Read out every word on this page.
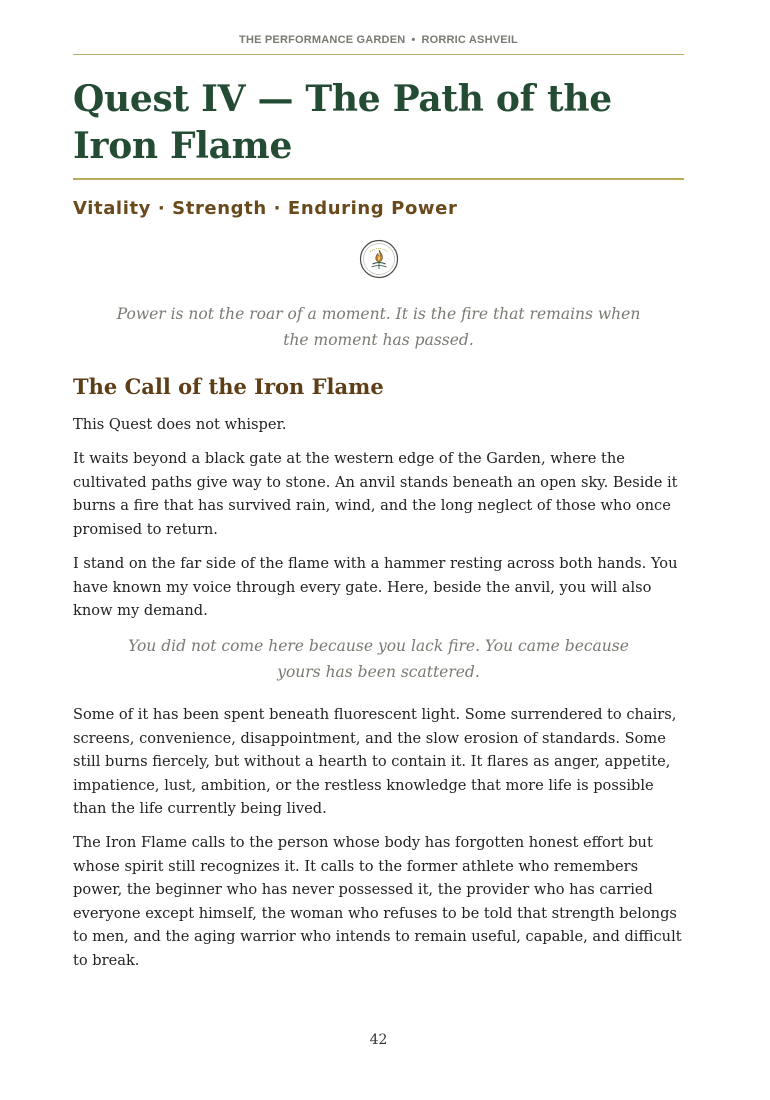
THE PERFORMANCE GARDEN • RORRIC ASHVEIL
Quest IV — The Path of the Iron Flame
Vitality · Strength · Enduring Power

Power is not the roar of a moment. It is the fire that remains when the moment has passed.

The Call of the Iron Flame

This Quest does not whisper.

It waits beyond a black gate at the western edge of the Garden, where the cultivated paths give way to stone. An anvil stands beneath an open sky. Beside it burns a fire that has survived rain, wind, and the long neglect of those who once promised to return.

I stand on the far side of the flame with a hammer resting across both hands. You have known my voice through every gate. Here, beside the anvil, you will also know my demand.

You did not come here because you lack fire. You came because yours has been scattered.

Some of it has been spent beneath fluorescent light. Some surrendered to chairs, screens, convenience, disappointment, and the slow erosion of standards. Some still burns fiercely, but without a hearth to contain it. It flares as anger, appetite, impatience, lust, ambition, or the restless knowledge that more life is possible than the life currently being lived.

The Iron Flame calls to the person whose body has forgotten honest effort but whose spirit still recognizes it. It calls to the former athlete who remembers power, the beginner who has never possessed it, the provider who has carried everyone except himself, the woman who refuses to be told that strength belongs to men, and the aging warrior who intends to remain useful, capable, and difficult to break.

42
